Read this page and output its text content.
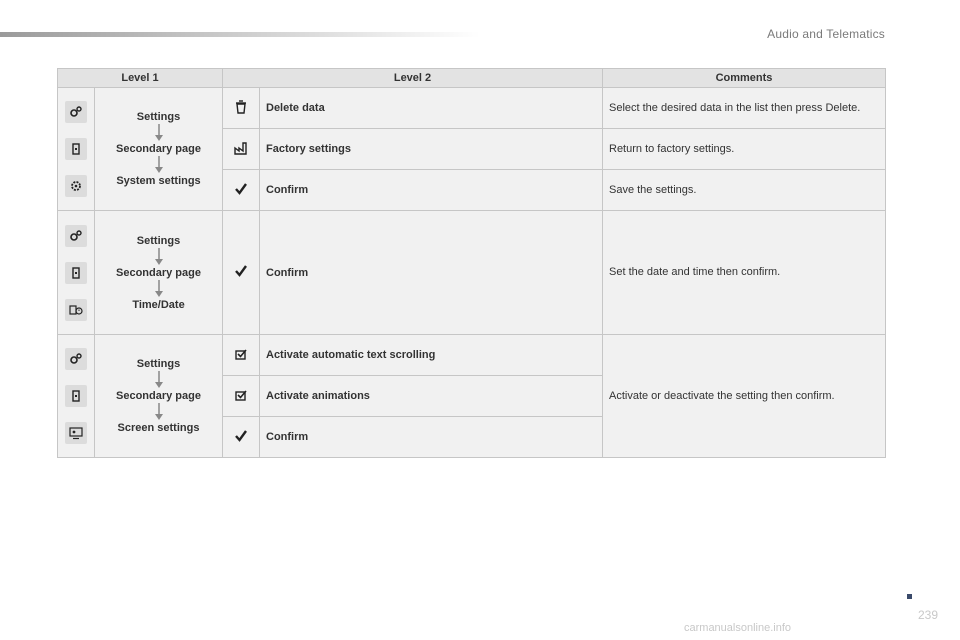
Audio and Telematics
Level 1		Level 2		Comments

Settings
Secondary page
System settings		Delete data	Select the desired data in the list then press Delete.
	Factory settings	Return to factory settings.
	Confirm	Save the settings.

Settings
Secondary page
Time/Date		Confirm	Set the date and time then confirm.

Settings
Secondary page
Screen settings		Activate automatic text scrolling	Activate or deactivate the setting then confirm.
	Activate animations	
	Confirm	
239
carmanualsonline.info
